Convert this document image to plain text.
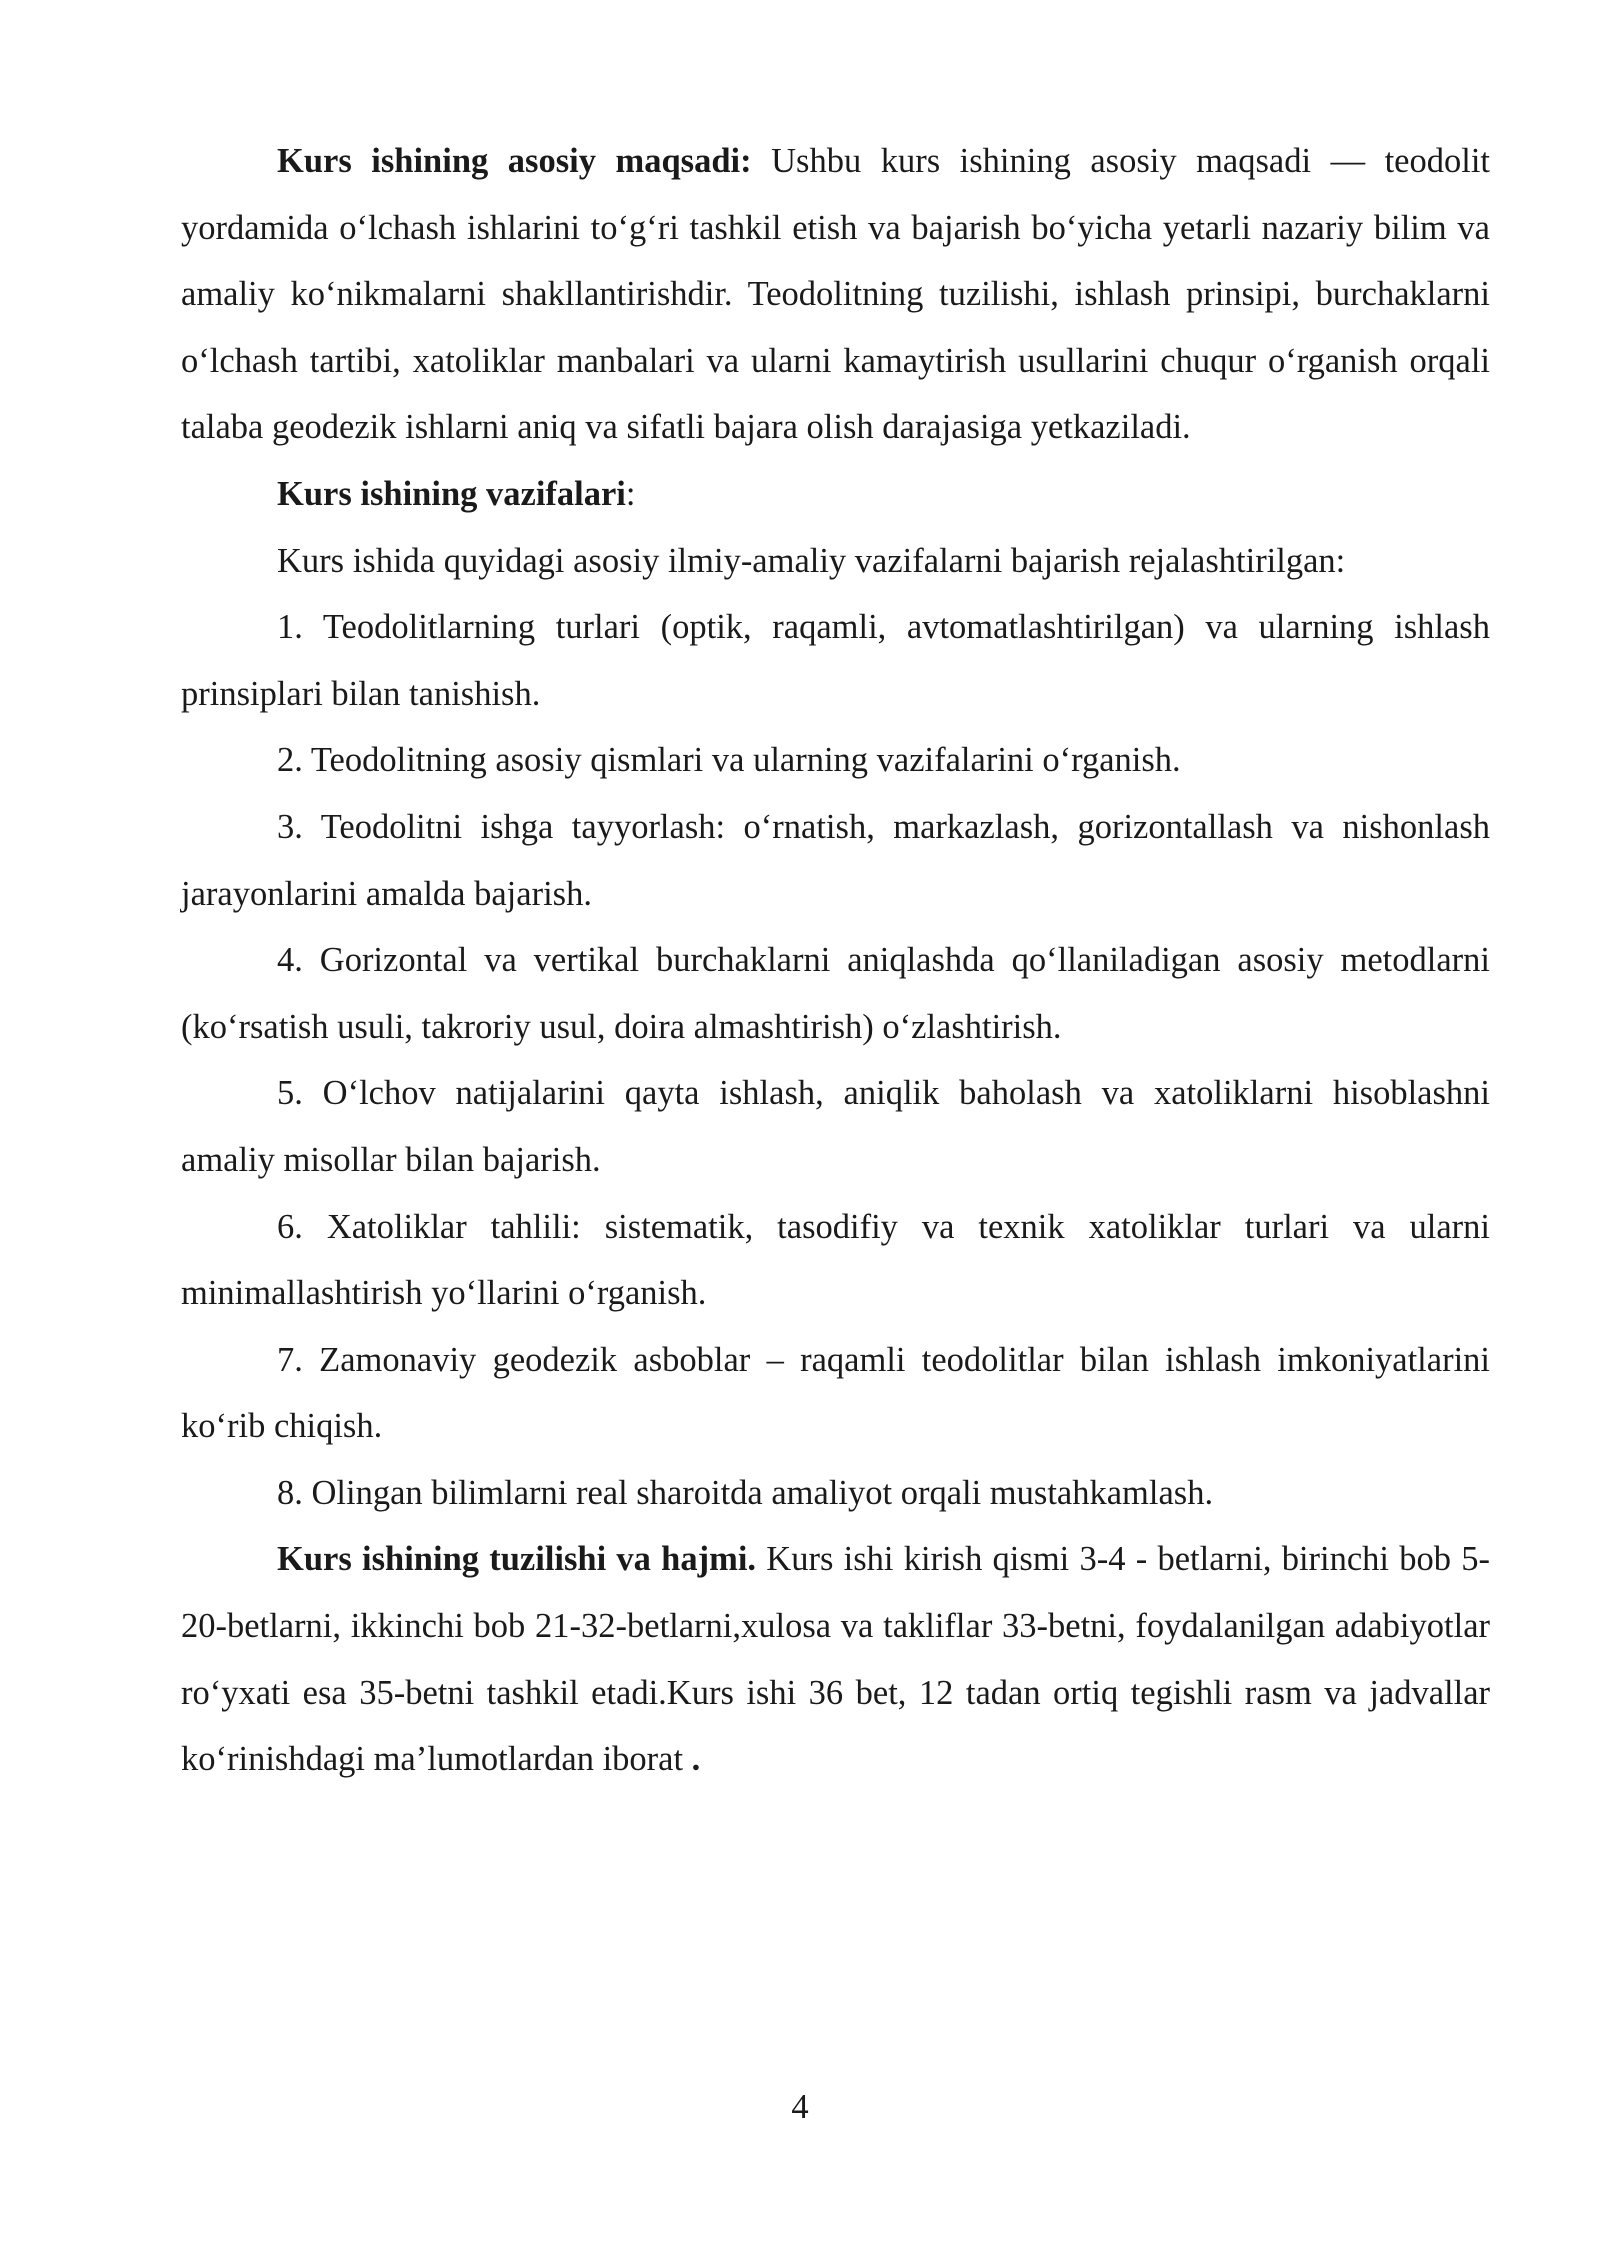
Kurs ishining asosiy maqsadi: Ushbu kurs ishining asosiy maqsadi — teodolit yordamida o‘lchash ishlarini to‘g‘ri tashkil etish va bajarish bo‘yicha yetarli nazariy bilim va amaliy ko‘nikmalarni shakllantirishdir. Teodolitning tuzilishi, ishlash prinsipi, burchaklarni o‘lchash tartibi, xatoliklar manbalari va ularni kamaytirish usullarini chuqur o‘rganish orqali talaba geodezik ishlarni aniq va sifatli bajara olish darajasiga yetkaziladi.

Kurs ishining vazifalari:

Kurs ishida quyidagi asosiy ilmiy-amaliy vazifalarni bajarish rejalashtirilgan:

1. Teodolitlarning turlari (optik, raqamli, avtomatlashtirilgan) va ularning ishlash prinsiplari bilan tanishish.

2. Teodolitning asosiy qismlari va ularning vazifalarini o‘rganish.

3. Teodolitni ishga tayyorlash: o‘rnatish, markazlash, gorizontallash va nishonlash jarayonlarini amalda bajarish.

4. Gorizontal va vertikal burchaklarni aniqlashda qo‘llaniladigan asosiy metodlarni (ko‘rsatish usuli, takroriy usul, doira almashtirish) o‘zlashtirish.

5. O‘lchov natijalarini qayta ishlash, aniqlik baholash va xatoliklarni hisoblashni amaliy misollar bilan bajarish.

6. Xatoliklar tahlili: sistematik, tasodifiy va texnik xatoliklar turlari va ularni minimallashtirish yo‘llarini o‘rganish.

7. Zamonaviy geodezik asboblar – raqamli teodolitlar bilan ishlash imkoniyatlarini ko‘rib chiqish.

8. Olingan bilimlarni real sharoitda amaliyot orqali mustahkamlash.

Kurs ishining tuzilishi va hajmi. Kurs ishi kirish qismi 3-4 - betlarni, birinchi bob 5-20-betlarni, ikkinchi bob 21-32-betlarni,xulosa va takliflar 33-betni, foydalanilgan adabiyotlar ro‘yxati esa 35-betni tashkil etadi.Kurs ishi 36 bet, 12 tadan ortiq tegishli rasm va jadvallar ko‘rinishdagi ma’lumotlardan iborat .

4
